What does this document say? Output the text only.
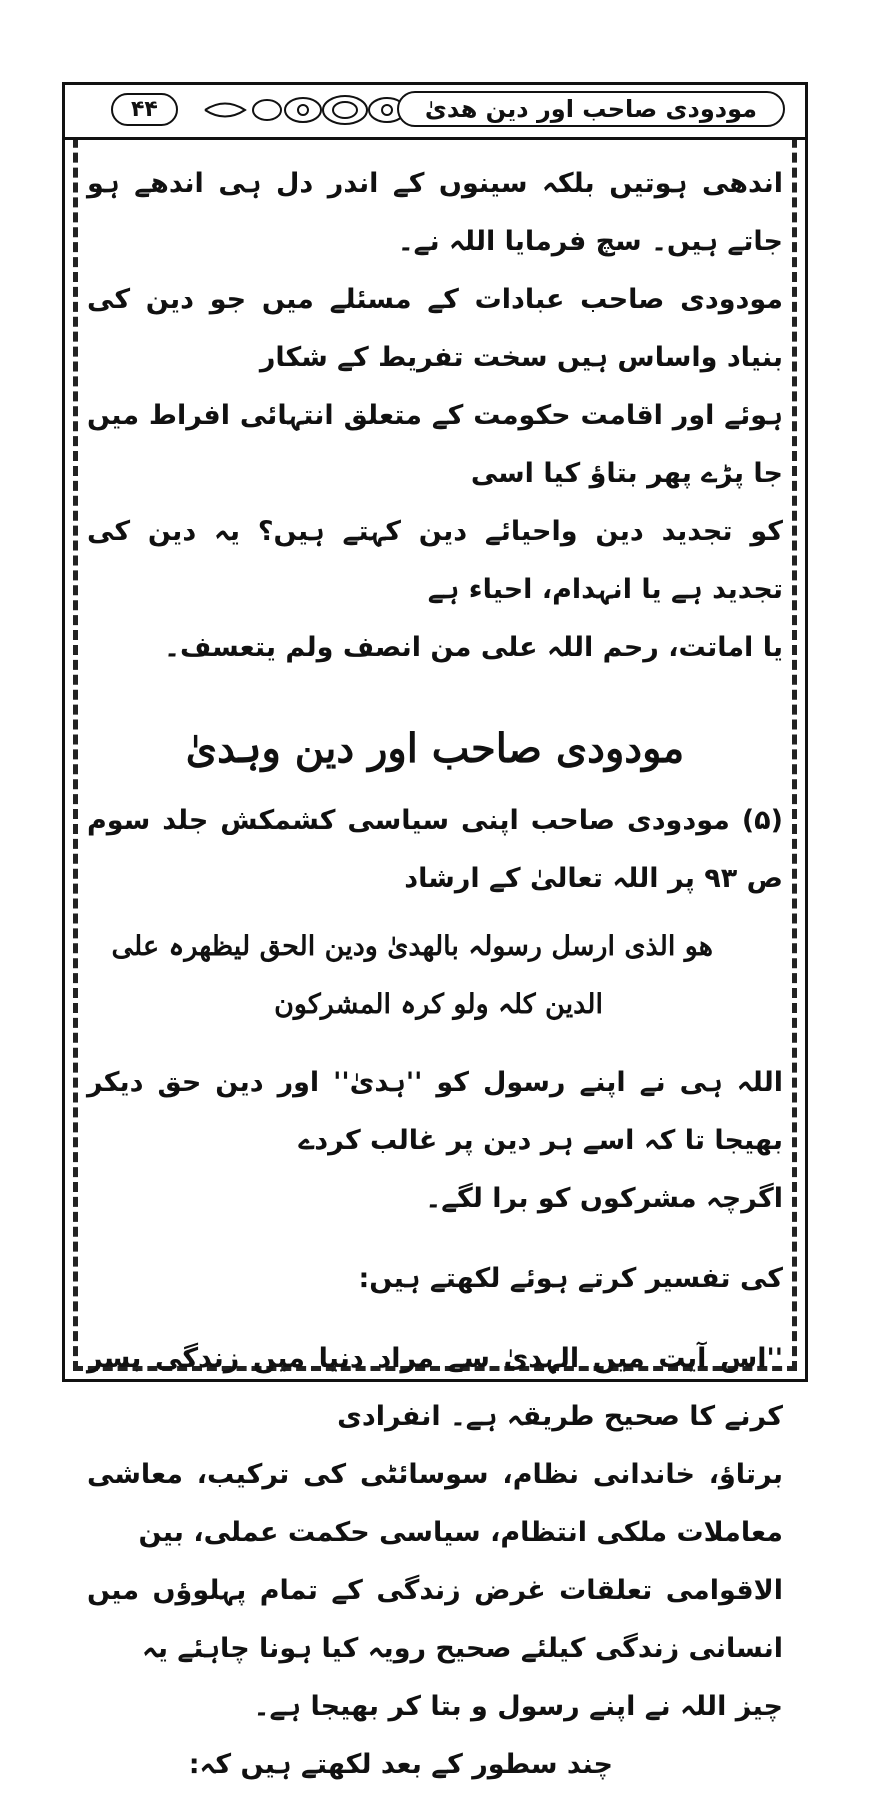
۴۴	مودودی صاحب اور دین ھدیٰ

اندھی ہوتیں بلکہ سینوں کے اندر دل ہی اندھے ہو جاتے ہیں۔ سچ فرمایا اللہ نے۔

مودودی صاحب عبادات کے مسئلے میں جو دین کی بنیاد واساس ہیں سخت تفریط کے شکار

ہوئے اور اقامت حکومت کے متعلق انتہائی افراط میں جا پڑے پھر بتاؤ کیا اسی

کو تجدید دین واحیائے دین کہتے ہیں؟ یہ دین کی تجدید ہے یا انہدام، احیاء ہے

یا اماتت، رحم اللہ علی من انصف ولم یتعسف۔

مودودی صاحب اور دین وہدیٰ

(۵) مودودی صاحب اپنی سیاسی کشمکش جلد سوم ص ۹۳ پر اللہ تعالیٰ کے ارشاد

ھو الذی ارسل رسولہ بالھدیٰ ودین الحق لیظھرہ علی

الدین کلہ ولو کرہ المشرکون

اللہ ہی نے اپنے رسول کو ''ہدیٰ'' اور دین حق دیکر بھیجا تا کہ اسے ہر دین پر غالب کردے

اگرچہ مشرکوں کو برا لگے۔

کی تفسیر کرتے ہوئے لکھتے ہیں:

''اس آیت میں الہدیٰ سے مراد دنیا میں زندگی بسر کرنے کا صحیح طریقہ ہے۔ انفرادی

برتاؤ، خاندانی نظام، سوسائٹی کی ترکیب، معاشی معاملات ملکی انتظام، سیاسی حکمت عملی، بین

الاقوامی تعلقات غرض زندگی کے تمام پہلوؤں میں انسانی زندگی کیلئے صحیح رویہ کیا ہونا چاہئے یہ

چیز اللہ نے اپنے رسول و بتا کر بھیجا ہے۔

چند سطور کے بعد لکھتے ہیں کہ:
